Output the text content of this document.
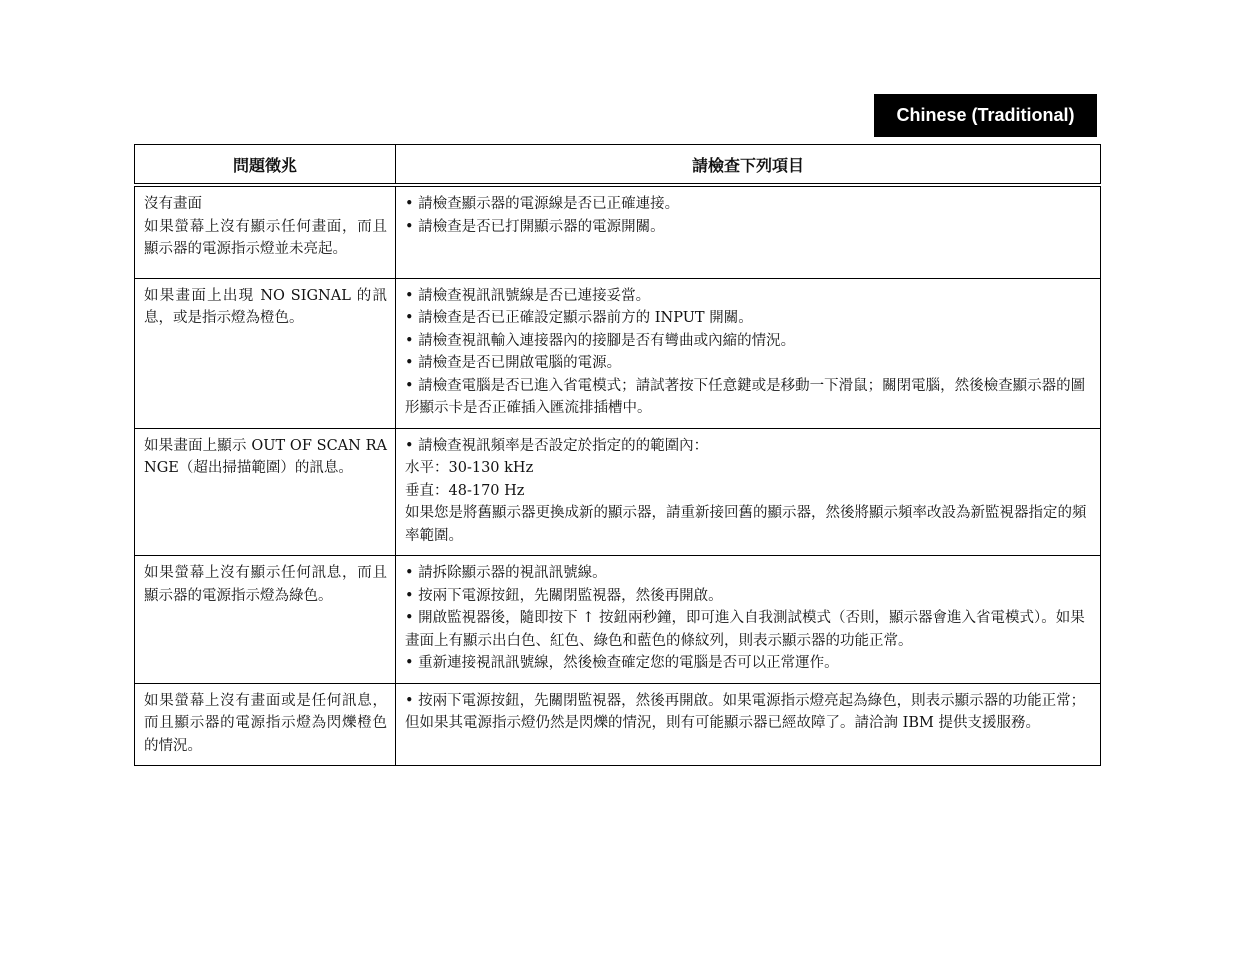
Chinese (Traditional)
問題徵兆	請檢查下列項目

沒有畫面
如果螢幕上沒有顯示任何畫面，而且顯示器的電源指示燈並未亮起。	• 請檢查顯示器的電源線是否已正確連接。
• 請檢查是否已打開顯示器的電源開關。

如果畫面上出現 NO SIGNAL 的訊息，或是指示燈為橙色。	• 請檢查視訊訊號線是否已連接妥當。
• 請檢查是否已正確設定顯示器前方的 INPUT 開關。
• 請檢查視訊輸入連接器內的接腳是否有彎曲或內縮的情況。
• 請檢查是否已開啟電腦的電源。
• 請檢查電腦是否已進入省電模式；請試著按下任意鍵或是移動一下滑鼠；關閉電腦，然後檢查顯示器的圖形顯示卡是否正確插入匯流排插槽中。

如果畫面上顯示 OUT OF SCAN RANGE（超出掃描範圍）的訊息。	• 請檢查視訊頻率是否設定於指定的的範圍內：
水平：30-130 kHz
垂直：48-170 Hz
如果您是將舊顯示器更換成新的顯示器，請重新接回舊的顯示器，然後將顯示頻率改設為新監視器指定的頻率範圍。

如果螢幕上沒有顯示任何訊息，而且顯示器的電源指示燈為綠色。	• 請拆除顯示器的視訊訊號線。
• 按兩下電源按鈕，先關閉監視器，然後再開啟。
• 開啟監視器後，隨即按下 ↑ 按鈕兩秒鐘，即可進入自我測試模式（否則，顯示器會進入省電模式）。如果畫面上有顯示出白色、紅色、綠色和藍色的條紋列，則表示顯示器的功能正常。
• 重新連接視訊訊號線，然後檢查確定您的電腦是否可以正常運作。

如果螢幕上沒有畫面或是任何訊息，而且顯示器的電源指示燈為閃爍橙色的情況。	• 按兩下電源按鈕，先關閉監視器，然後再開啟。如果電源指示燈亮起為綠色，則表示顯示器的功能正常；但如果其電源指示燈仍然是閃爍的情況，則有可能顯示器已經故障了。請洽詢 IBM 提供支援服務。
